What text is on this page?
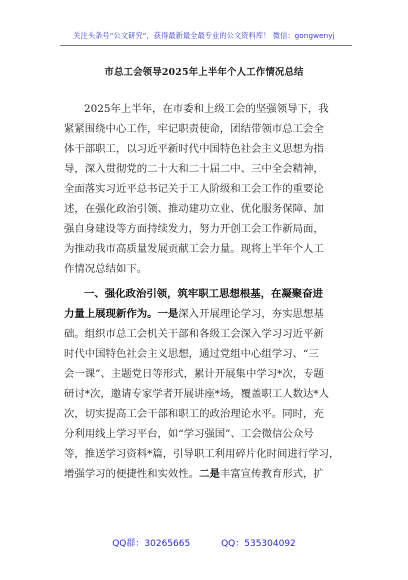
关注头条号“公文研究”，获得最新最全最专业的公文资料库！ 微信：gongwenyj
市总工会领导2025年上半年个人工作情况总结
2025年上半年，在市委和上级工会的坚强领导下，我
紧紧围绕中心工作，牢记职责使命，团结带领市总工会全
体干部职工，以习近平新时代中国特色社会主义思想为指
导，深入贯彻党的二十大和二十届二中、三中全会精神，
全面落实习近平总书记关于工人阶级和工会工作的重要论
述，在强化政治引领、推动建功立业、优化服务保障、加
强自身建设等方面持续发力，努力开创工会工作新局面，
为推动我市高质量发展贡献工会力量。现将上半年个人工
作情况总结如下。
一、强化政治引领，筑牢职工思想根基，在凝聚奋进
力量上展现新作为。一是深入开展理论学习，夯实思想基
础。组织市总工会机关干部和各级工会深入学习习近平新
时代中国特色社会主义思想，通过党组中心组学习、“三
会一课”、主题党日等形式，累计开展集中学习*次，专题
研讨*次，邀请专家学者开展讲座*场，覆盖职工人数达*人
次，切实提高工会干部和职工的政治理论水平。同时，充
分利用线上学习平台，如“学习强国”、工会微信公众号
等，推送学习资料*篇，引导职工利用碎片化时间进行学习，
增强学习的便捷性和实效性。二是丰富宣传教育形式，扩
QQ群：30265665	QQ：535304092
